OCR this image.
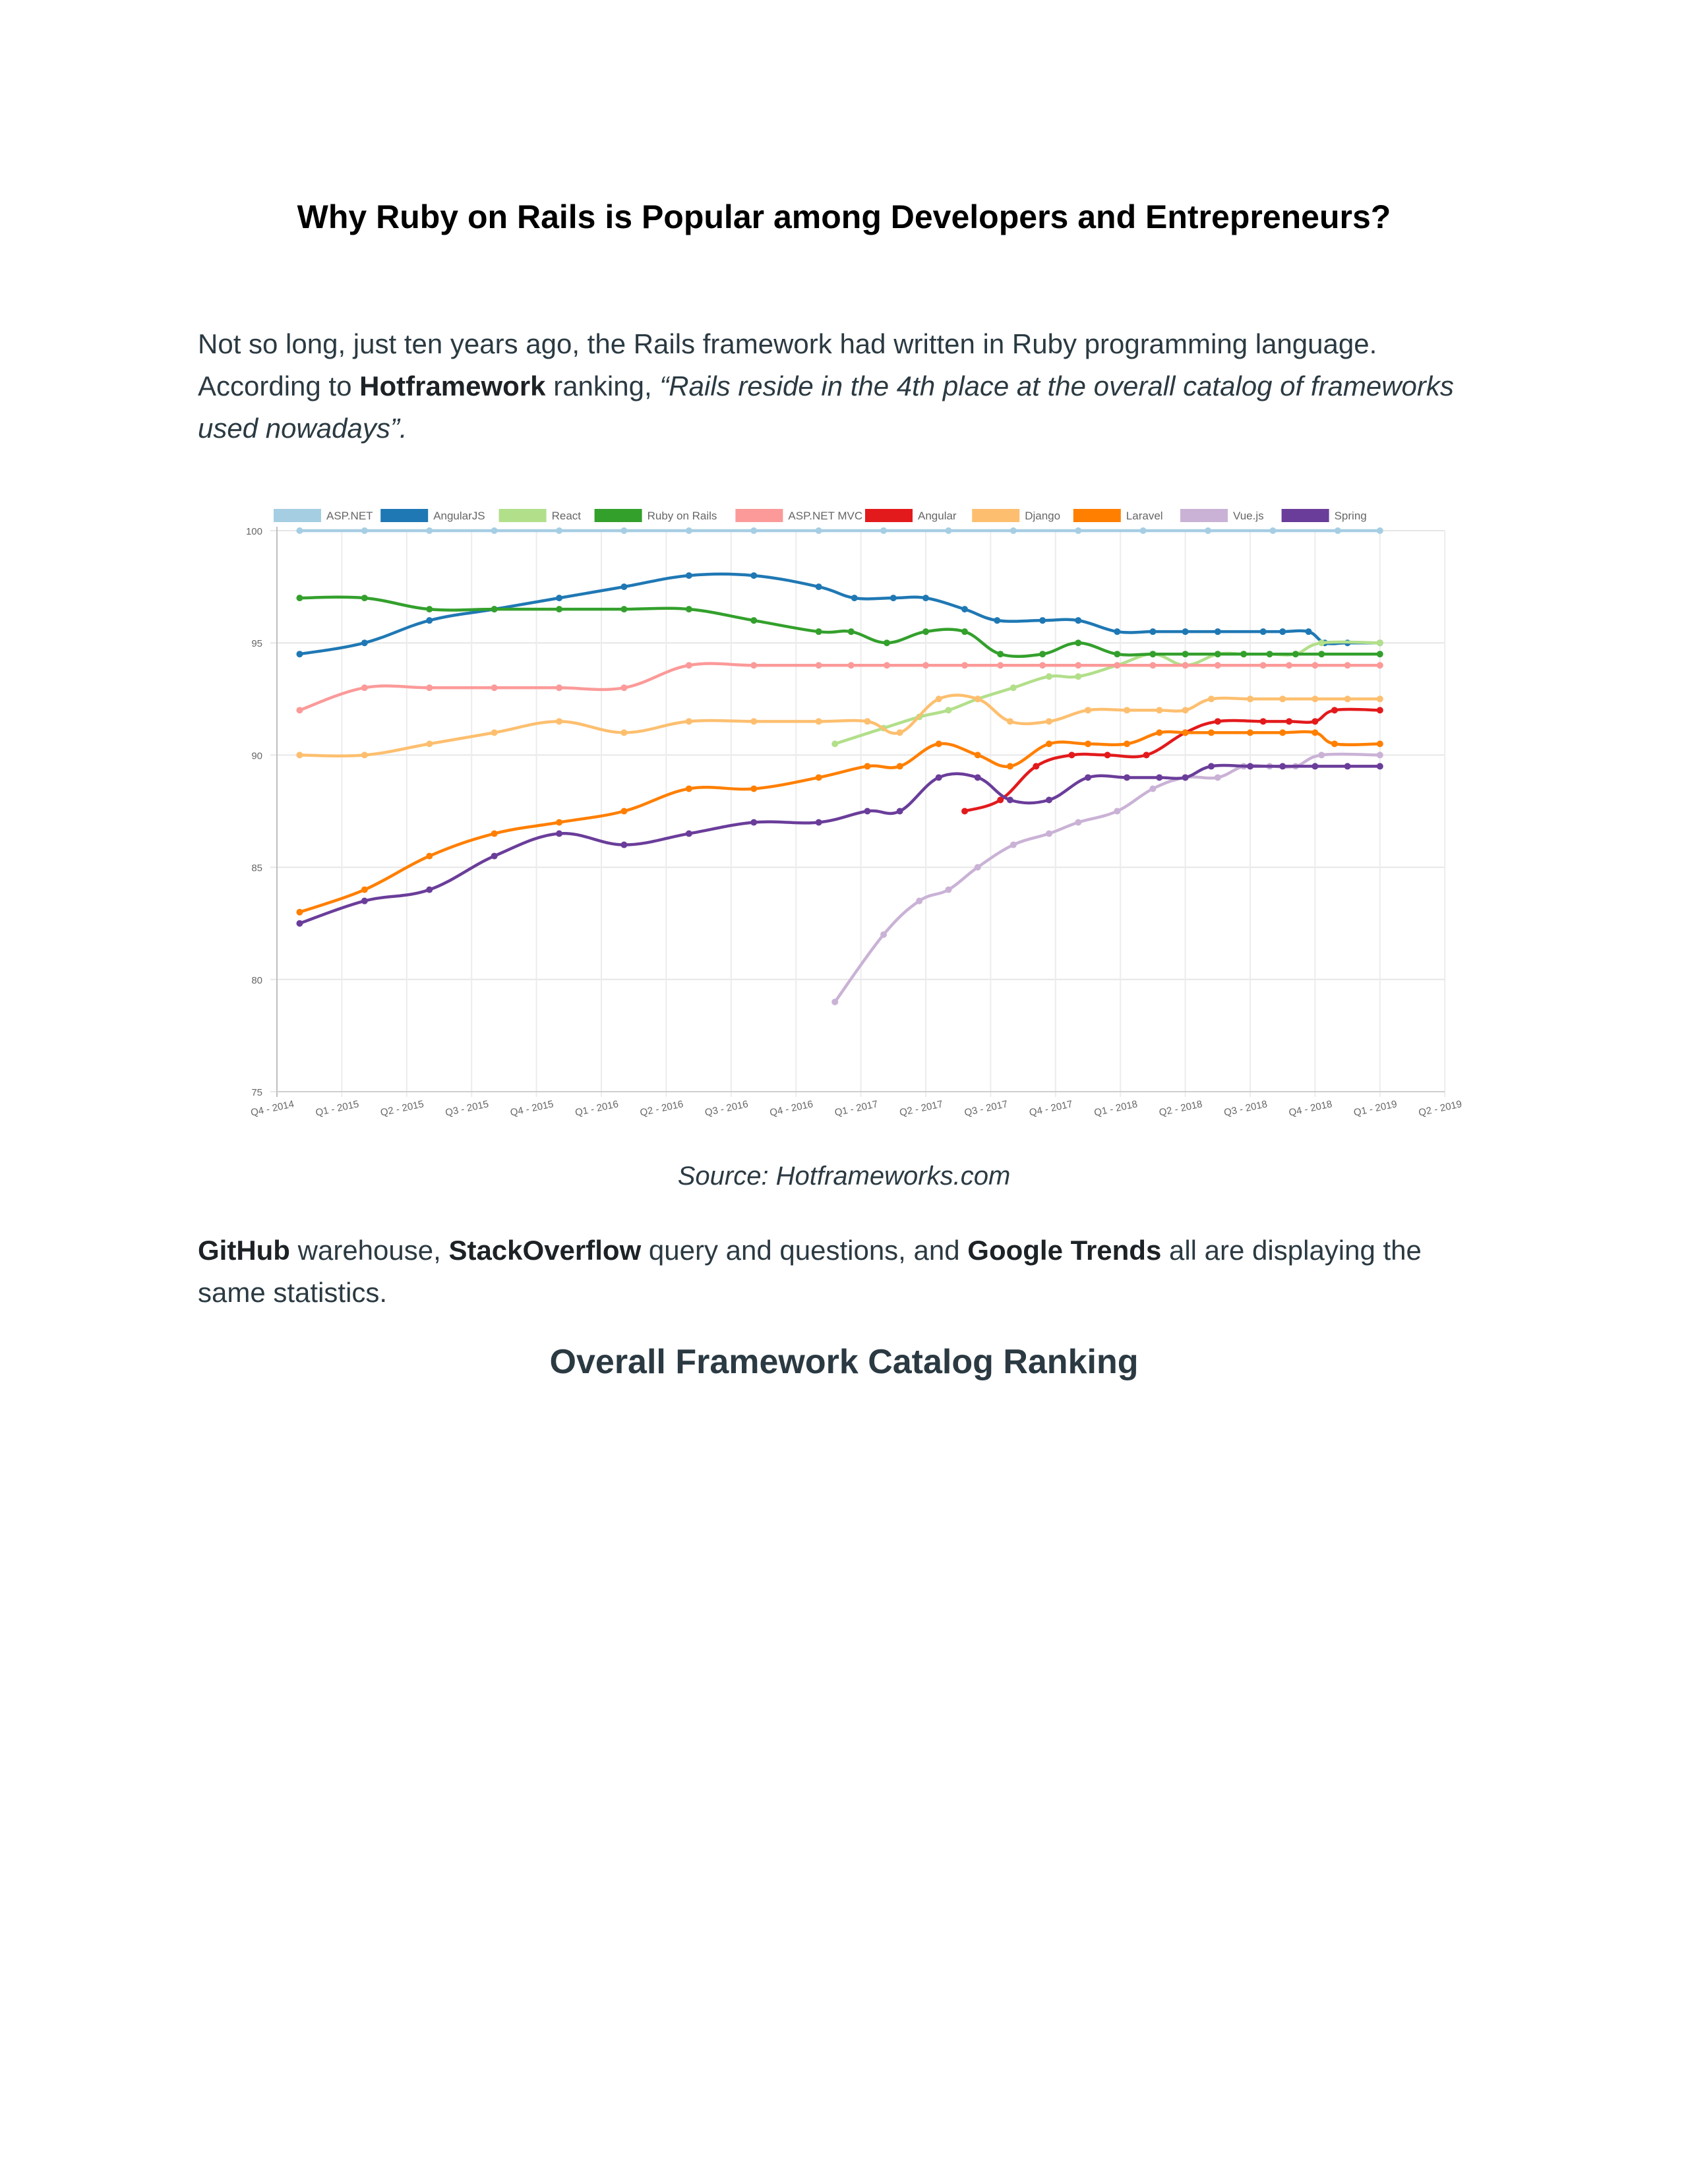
Why Ruby on Rails is Popular among Developers and Entrepreneurs?
Not so long, just ten years ago, the Rails framework had written in Ruby programming language. According to Hotframework ranking, “Rails reside in the 4th place at the overall catalog of frameworks used nowadays”.
75
80
85
90
95
100
Q4 - 2014 Q1 - 2015 Q2 - 2015 Q3 - 2015 Q4 - 2015 Q1 - 2016 Q2 - 2016 Q3 - 2016 Q4 - 2016 Q1 - 2017 Q2 - 2017 Q3 - 2017 Q4 - 2017 Q1 - 2018 Q2 - 2018 Q3 - 2018 Q4 - 2018 Q1 - 2019 Q2 - 2019
ASP.NET	AngularJS	React	Ruby on Rails	ASP.NET MVC	Angular	Django	Laravel	Vue.js	Spring
Source: Hotframeworks.com
GitHub warehouse, StackOverflow query and questions, and Google Trends all are displaying the same statistics.
Overall Framework Catalog Ranking
